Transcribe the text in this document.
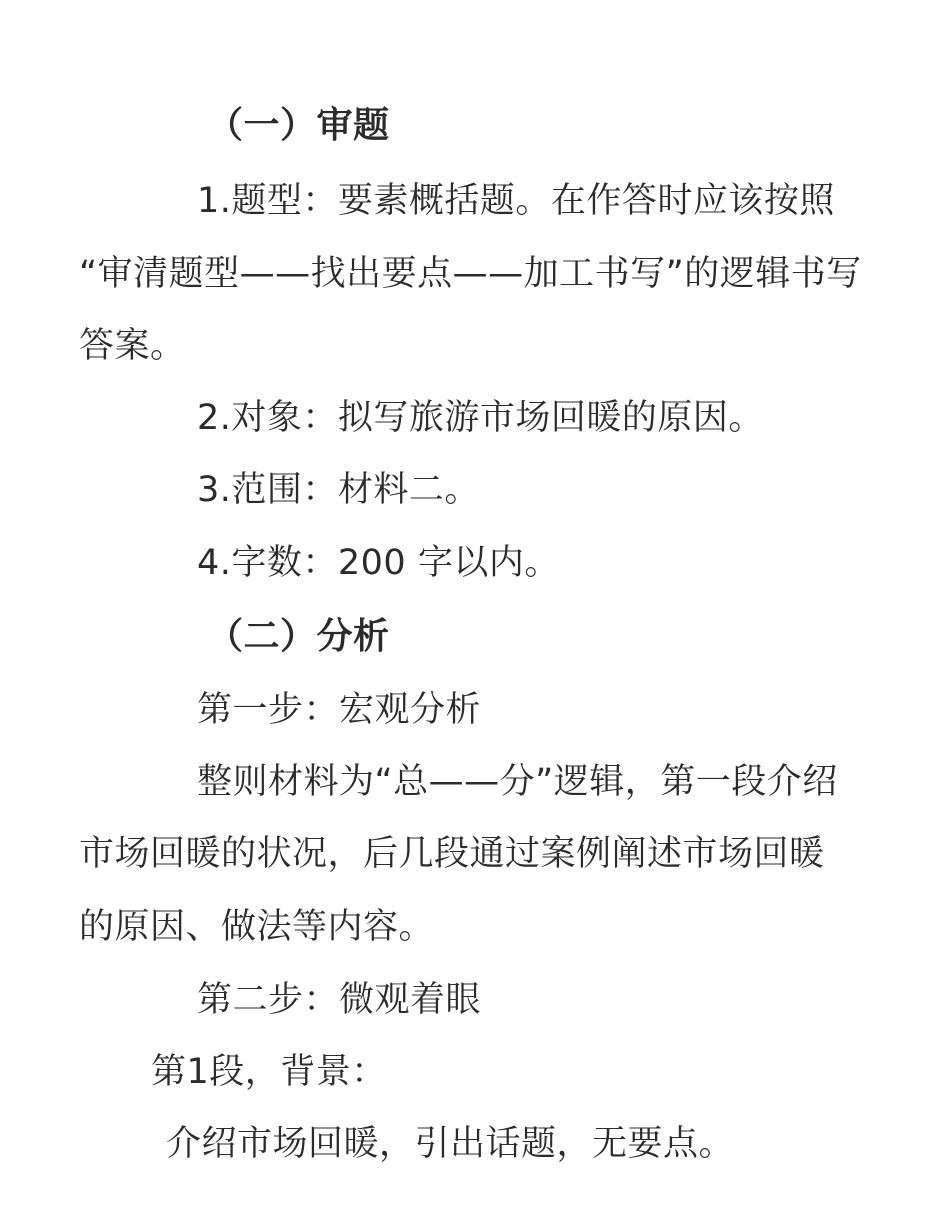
（一）审题
1.题型：要素概括题。在作答时应该按照
“审清题型——找出要点——加工书写”的逻辑书写
答案。
2.对象：拟写旅游市场回暖的原因。
3.范围：材料二。
4.字数：200 字以内。
（二）分析
第一步：宏观分析
整则材料为“总——分”逻辑，第一段介绍
市场回暖的状况，后几段通过案例阐述市场回暖
的原因、做法等内容。
第二步：微观着眼
第1段，背景：
介绍市场回暖，引出话题，无要点。
